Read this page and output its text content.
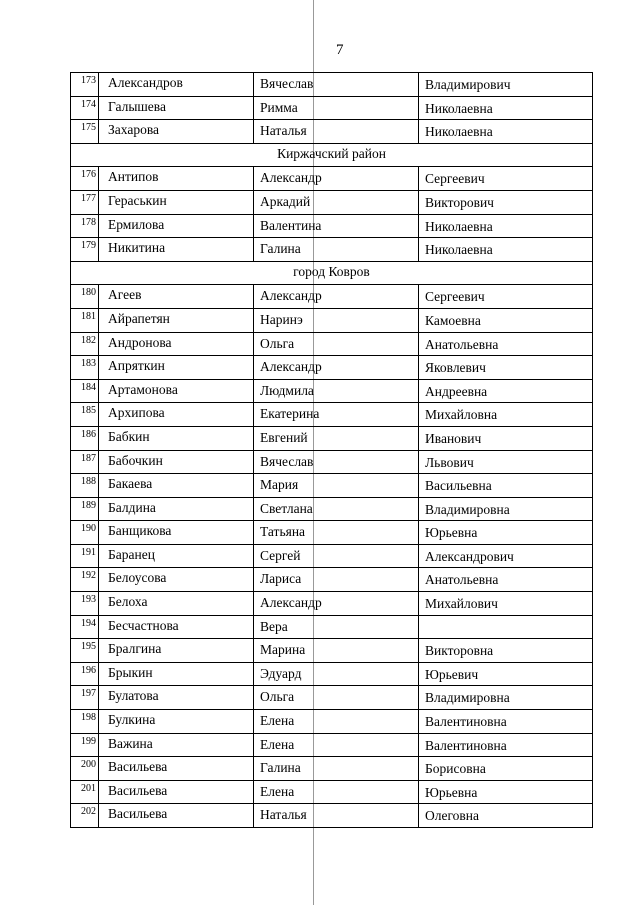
7
173 Александров	Вячеслав	Владимирович
174 Галышева	Римма	Николаевна
175 Захарова	Наталья	Николаевна
Киржачский район
176 Антипов	Александр	Сергеевич
177 Гераськин	Аркадий	Викторович
178 Ермилова	Валентина	Николаевна
179 Никитина	Галина	Николаевна
город Ковров
180 Агеев	Александр	Сергеевич
181 Айрапетян	Наринэ	Камоевна
182 Андронова	Ольга	Анатольевна
183 Апряткин	Александр	Яковлевич
184 Артамонова	Людмила	Андреевна
185 Архипова	Екатерина	Михайловна
186 Бабкин	Евгений	Иванович
187 Бабочкин	Вячеслав	Львович
188 Бакаева	Мария	Васильевна
189 Балдина	Светлана	Владимировна
190 Банщикова	Татьяна	Юрьевна
191 Баранец	Сергей	Александрович
192 Белоусова	Лариса	Анатольевна
193 Белоха	Александр	Михайлович
194 Бесчастнова	Вера
195 Бралгина	Марина	Викторовна
196 Брыкин	Эдуард	Юрьевич
197 Булатова	Ольга	Владимировна
198 Булкина	Елена	Валентиновна
199 Важина	Елена	Валентиновна
200 Васильева	Галина	Борисовна
201 Васильева	Елена	Юрьевна
202 Васильева	Наталья	Олеговна
